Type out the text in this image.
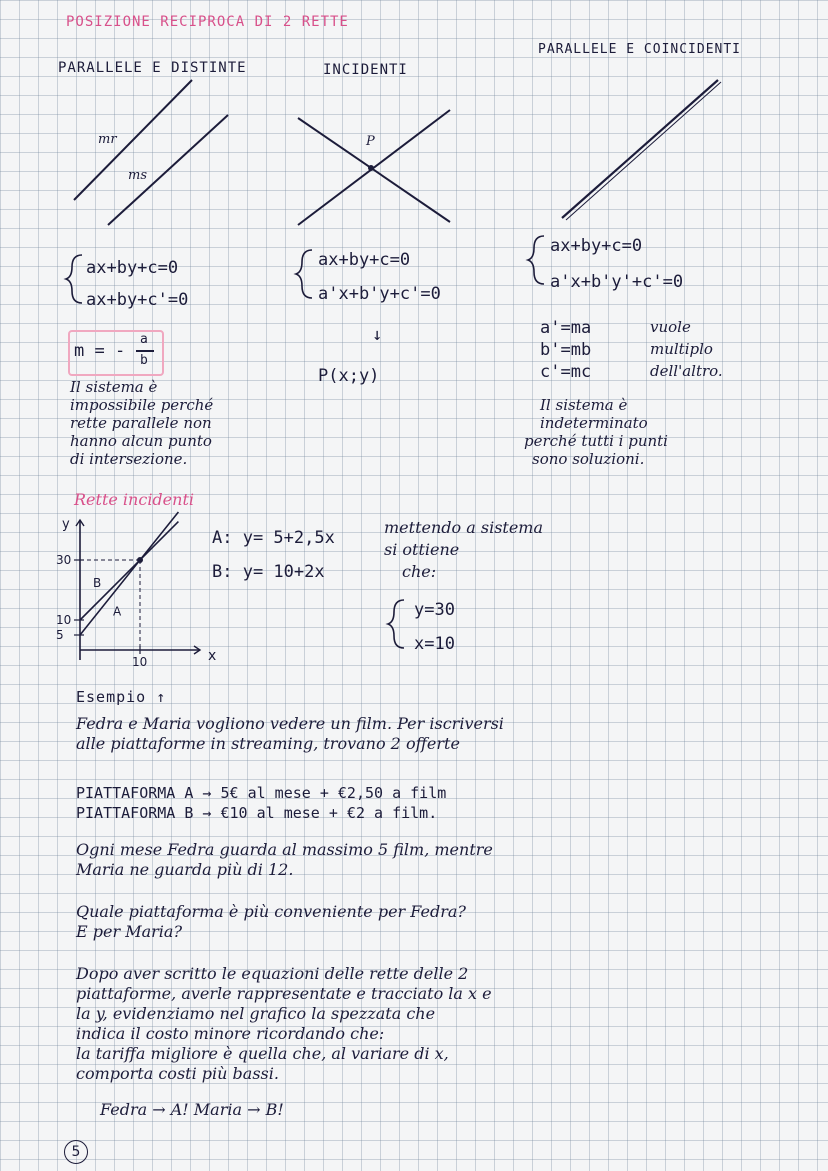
POSIZIONE RECIPROCA DI 2 RETTE
PARALLELE E DISTINTE	INCIDENTI
PARALLELE E COINCIDENTI
mr
ms
P
ax+by+c=0
ax+by+c'=0
m = -
a
b
Il sistema è
impossibile perché
rette parallele non
hanno alcun punto
di intersezione.
ax+by+c=0
a'x+b'y+c'=0
↓
P(x;y)
ax+by+c=0
a'x+b'y'+c'=0
a'=ma
b'=mb
c'=mc
vuole
multiplo
dell'altro.
Il sistema è
indeterminato
perché tutti i punti
sono soluzioni.
Rette incidenti
x
y
5
10
30
10
A
B
A: y= 5+2,5x
B: y= 10+2x
mettendo a sistema
si ottiene
che:
y=30
x=10
Esempio ↑
Fedra e Maria vogliono vedere un film. Per iscriversi
alle piattaforme in streaming, trovano 2 offerte
PIATTAFORMA A → 5€ al mese + €2,50 a film
PIATTAFORMA B → €10 al mese + €2 a film.
Ogni mese Fedra guarda al massimo 5 film, mentre
Maria ne guarda più di 12.
Quale piattaforma è più conveniente per Fedra?
E per Maria?
Dopo aver scritto le equazioni delle rette delle 2
piattaforme, averle rappresentate e tracciato la x e
la y, evidenziamo nel grafico la spezzata che
indica il costo minore ricordando che:
la tariffa migliore è quella che, al variare di x,
comporta costi più bassi.
Fedra → A! Maria → B!
5
